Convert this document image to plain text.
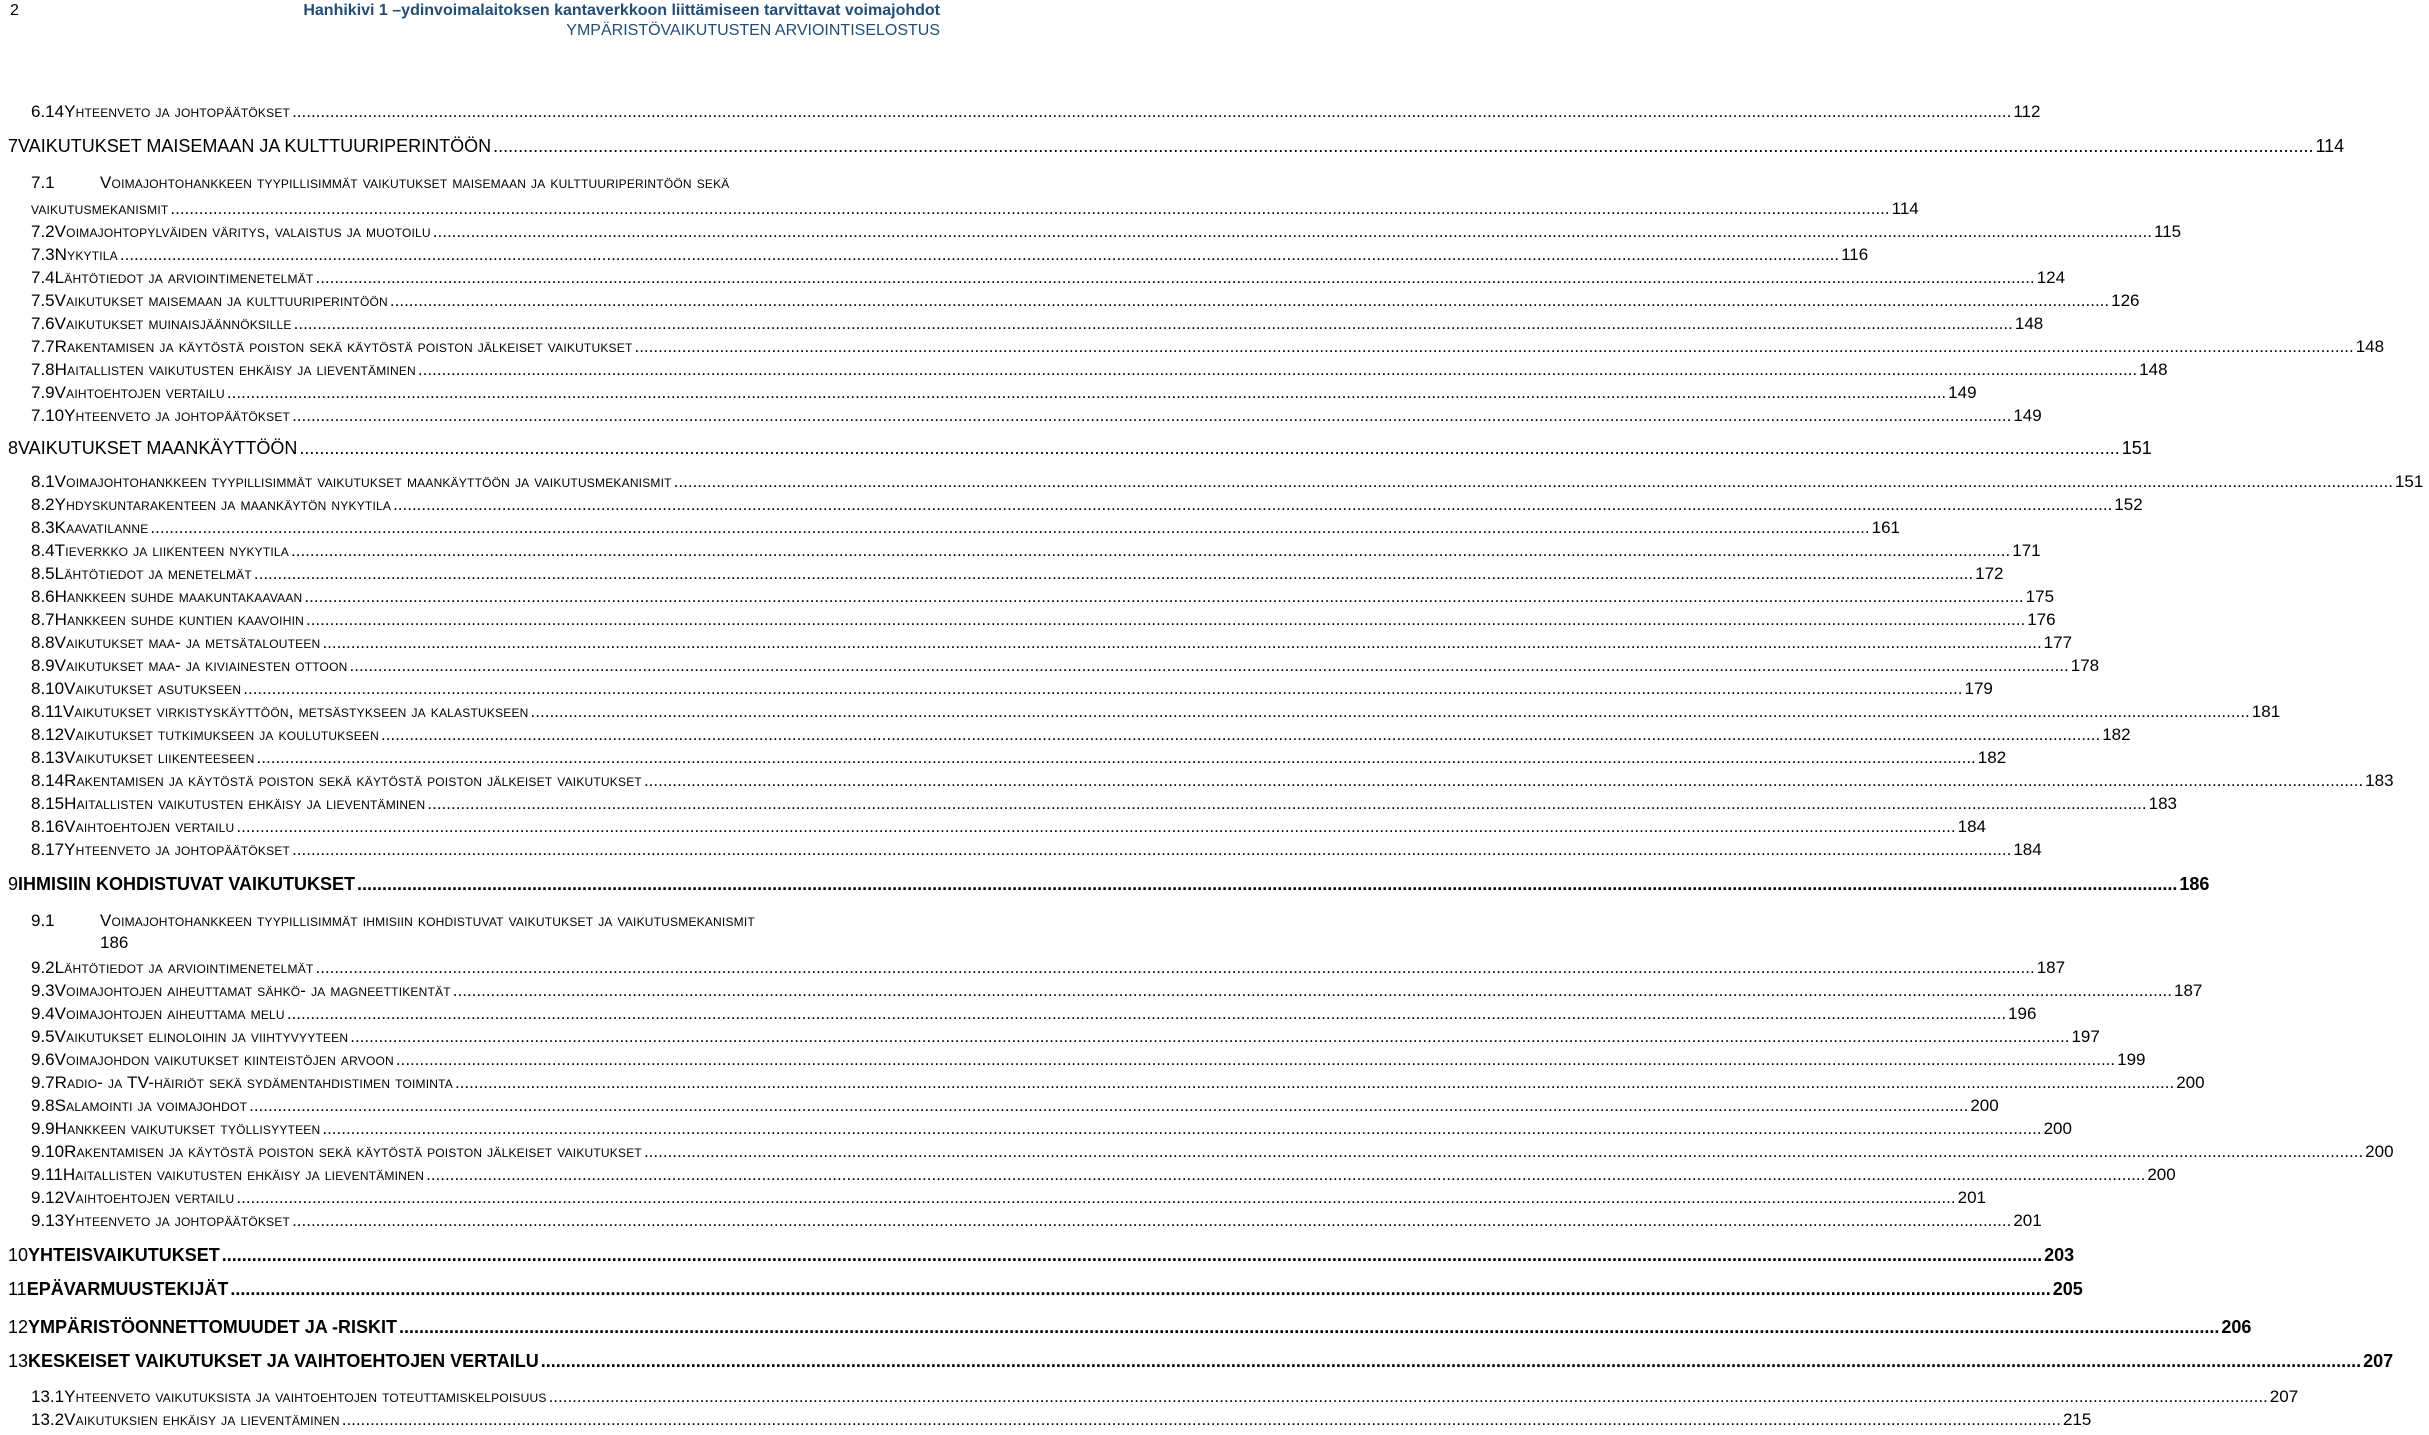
2	Hanhikivi 1 –ydinvoimalaitoksen kantaverkkoon liittämiseen tarvittavat voimajohdot
YMPÄRISTÖVAIKUTUSTEN ARVIOINTISELOSTUS
6.14 Yhteenveto ja johtopäätökset .....	112
7 VAIKUTUKSET MAISEMAAN JA KULTTUURIPERINTÖÖN .....	114
7.1	Voimajohtohankkeen tyypillisimmät vaikutukset maisemaan ja kulttuuriperintöön sekä
vaikutusmekanismit .....	114
7.2 Voimajohtopylväiden väritys, valaistus ja muotoilu .....	115
7.3 Nykytila .....	116
7.4 Lähtötiedot ja arviointimenetelmät .....	124
7.5 Vaikutukset maisemaan ja kulttuuriperintöön .....	126
7.6 Vaikutukset muinaisjäännöksille .....	148
7.7 Rakentamisen ja käytöstä poiston sekä käytöstä poiston jälkeiset vaikutukset .....	148
7.8 Haitallisten vaikutusten ehkäisy ja lieventäminen .....	148
7.9 Vaihtoehtojen vertailu .....	149
7.10 Yhteenveto ja johtopäätökset .....	149
8 VAIKUTUKSET MAANKÄYTTÖÖN .....	151
8.1 Voimajohtohankkeen tyypillisimmät vaikutukset maankäyttöön ja vaikutusmekanismit .....	151
8.2 Yhdyskuntarakenteen ja maankäytön nykytila .....	152
8.3 Kaavatilanne .....	161
8.4 Tieverkko ja liikenteen nykytila .....	171
8.5 Lähtötiedot ja menetelmät .....	172
8.6 Hankkeen suhde maakuntakaavaan .....	175
8.7 Hankkeen suhde kuntien kaavoihin .....	176
8.8 Vaikutukset maa- ja metsätalouteen .....	177
8.9 Vaikutukset maa- ja kiviainesten ottoon .....	178
8.10 Vaikutukset asutukseen .....	179
8.11 Vaikutukset virkistyskäyttöön, metsästykseen ja kalastukseen .....	181
8.12 Vaikutukset tutkimukseen ja koulutukseen .....	182
8.13 Vaikutukset liikenteeseen .....	182
8.14 Rakentamisen ja käytöstä poiston sekä käytöstä poiston jälkeiset vaikutukset .....	183
8.15 Haitallisten vaikutusten ehkäisy ja lieventäminen .....	183
8.16 Vaihtoehtojen vertailu .....	184
8.17 Yhteenveto ja johtopäätökset .....	184
9 IHMISIIN KOHDISTUVAT VAIKUTUKSET .....	186
9.1	Voimajohtohankkeen tyypillisimmät ihmisiin kohdistuvat vaikutukset ja vaikutusmekanismit
186
9.2 Lähtötiedot ja arviointimenetelmät .....	187
9.3 Voimajohtojen aiheuttamat sähkö- ja magneettikentät .....	187
9.4 Voimajohtojen aiheuttama melu .....	196
9.5 Vaikutukset elinoloihin ja viihtyvyyteen .....	197
9.6 Voimajohdon vaikutukset kiinteistöjen arvoon .....	199
9.7 Radio- ja TV-häiriöt sekä sydämentahdistimen toiminta .....	200
9.8 Salamointi ja voimajohdot .....	200
9.9 Hankkeen vaikutukset työllisyyteen .....	200
9.10 Rakentamisen ja käytöstä poiston sekä käytöstä poiston jälkeiset vaikutukset .....	200
9.11 Haitallisten vaikutusten ehkäisy ja lieventäminen .....	200
9.12 Vaihtoehtojen vertailu .....	201
9.13 Yhteenveto ja johtopäätökset .....	201
10 YHTEISVAIKUTUKSET .....	203
11 EPÄVARMUUSTEKIJÄT .....	205
12 YMPÄRISTÖONNETTOMUUDET JA -RISKIT .....	206
13 KESKEISET VAIKUTUKSET JA VAIHTOEHTOJEN VERTAILU .....	207
13.1 Yhteenveto vaikutuksista ja vaihtoehtojen toteuttamiskelpoisuus .....	207
13.2 Vaikutuksien ehkäisy ja lieventäminen .....	215
